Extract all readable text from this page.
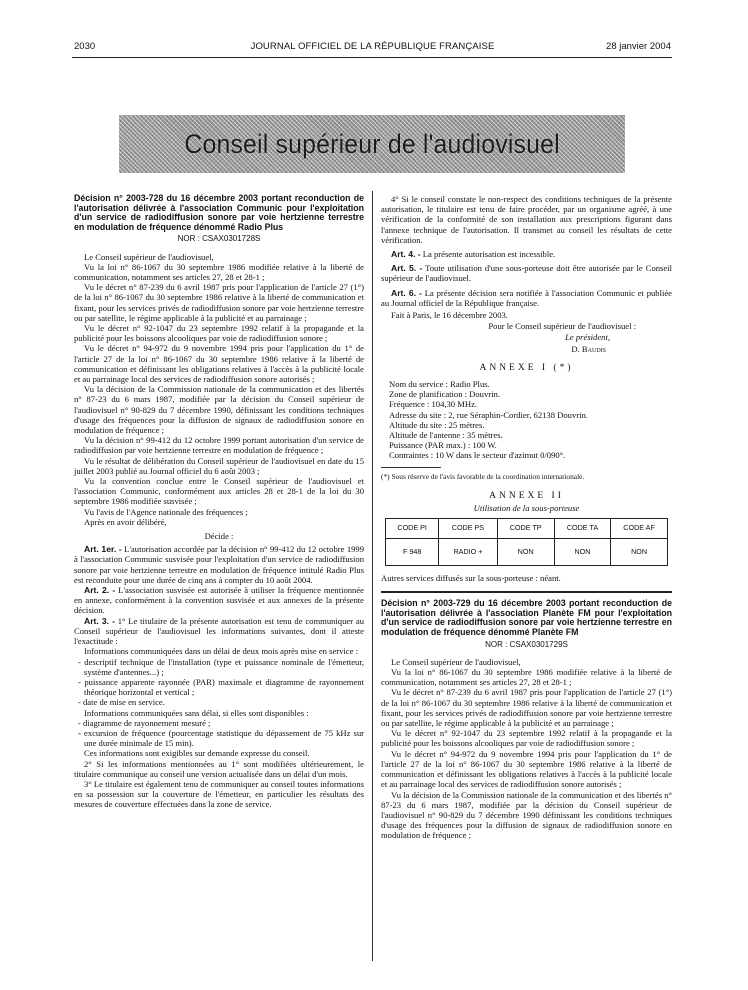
2030	JOURNAL OFFICIEL DE LA RÉPUBLIQUE FRANÇAISE	28 janvier 2004
Conseil supérieur de l'audiovisuel
Décision n° 2003-728 du 16 décembre 2003 portant reconduction de l'autorisation délivrée à l'association Communic pour l'exploitation d'un service de radiodiffusion sonore par voie hertzienne terrestre en modulation de fréquence dénommé Radio Plus
NOR : CSAX0301728S

Le Conseil supérieur de l'audiovisuel,

Vu la loi n° 86-1067 du 30 septembre 1986 modifiée relative à la liberté de communication, notamment ses articles 27, 28 et 28-1 ;

Vu le décret n° 87-239 du 6 avril 1987 pris pour l'application de l'article 27 (1°) de la loi n° 86-1067 du 30 septembre 1986 relative à la liberté de communication et fixant, pour les services privés de radiodiffusion sonore par voie hertzienne terrestre ou par satellite, le régime applicable à la publicité et au parrainage ;

Vu le décret n° 92-1047 du 23 septembre 1992 relatif à la propagande et la publicité pour les boissons alcooliques par voie de radiodiffusion sonore ;

Vu le décret n° 94-972 du 9 novembre 1994 pris pour l'application du 1° de l'article 27 de la loi n° 86-1067 du 30 septembre 1986 relative à la liberté de communication et définissant les obligations relatives à l'accès à la publicité locale et au parrainage local des services de radiodiffusion sonore autorisés ;

Vu la décision de la Commission nationale de la communication et des libertés n° 87-23 du 6 mars 1987, modifiée par la décision du Conseil supérieur de l'audiovisuel n° 90-829 du 7 décembre 1990, définissant les conditions techniques d'usage des fréquences pour la diffusion de signaux de radiodiffusion sonore en modulation de fréquence ;

Vu la décision n° 99-412 du 12 octobre 1999 portant autorisation d'un service de radiodiffusion par voie hertzienne terrestre en modulation de fréquence ;

Vu le résultat de délibération du Conseil supérieur de l'audiovisuel en date du 15 juillet 2003 publié au Journal officiel du 6 août 2003 ;

Vu la convention conclue entre le Conseil supérieur de l'audiovisuel et l'association Communic, conformément aux articles 28 et 28-1 de la loi du 30 septembre 1986 modifiée susvisée ;

Vu l'avis de l'Agence nationale des fréquences ;

Après en avoir délibéré,

Décide :

Art. 1er. - L'autorisation accordée par la décision n° 99-412 du 12 octobre 1999 à l'association Communic susvisée pour l'exploitation d'un service de radiodiffusion sonore par voie hertzienne terrestre en modulation de fréquence intitulé Radio Plus est reconduite pour une durée de cinq ans à compter du 10 août 2004.

Art. 2. - L'association susvisée est autorisée à utiliser la fréquence mentionnée en annexe, conformément à la convention susvisée et aux annexes de la présente décision.

Art. 3. - 1° Le titulaire de la présente autorisation est tenu de communiquer au Conseil supérieur de l'audiovisuel les informations suivantes, dont il atteste l'exactitude :

Informations communiquées dans un délai de deux mois après mise en service :

- descriptif technique de l'installation (type et puissance nominale de l'émetteur, système d'antennes...) ;

- puissance apparente rayonnée (PAR) maximale et diagramme de rayonnement théorique horizontal et vertical ;

- date de mise en service.

Informations communiquées sans délai, si elles sont disponibles :

- diagramme de rayonnement mesuré ;

- excursion de fréquence (pourcentage statistique du dépassement de 75 kHz sur une durée minimale de 15 min).

Ces informations sont exigibles sur demande expresse du conseil.

2° Si les informations mentionnées au 1° sont modifiées ultérieurement, le titulaire communique au conseil une version actualisée dans un délai d'un mois.

3° Le titulaire est également tenu de communiquer au conseil toutes informations en sa possession sur la couverture de l'émetteur, en particulier les résultats des mesures de couverture effectuées dans la zone de service.

4° Si le conseil constate le non-respect des conditions techniques de la présente autorisation, le titulaire est tenu de faire procéder, par un organisme agréé, à une vérification de la conformité de son installation aux prescriptions figurant dans l'annexe technique de l'autorisation. Il transmet au conseil les résultats de cette vérification.

Art. 4. - La présente autorisation est incessible.

Art. 5. - Toute utilisation d'une sous-porteuse doit être autorisée par le Conseil supérieur de l'audiovisuel.

Art. 6. - La présente décision sera notifiée à l'association Communic et publiée au Journal officiel de la République française.

Fait à Paris, le 16 décembre 2003.

Pour le Conseil supérieur de l'audiovisuel :
Le président,
D. Baudis
ANNEXE I (*)

Nom du service : Radio Plus.

Zone de planification : Douvrin.

Fréquence : 104,30 MHz.

Adresse du site : 2, rue Séraphin-Cordier, 62138 Douvrin.

Altitude du site : 25 mètres.

Altitude de l'antenne : 35 mètres.

Puissance (PAR max.) : 100 W.

Contraintes : 10 W dans le secteur d'azimut 0/090°.

(*) Sous réserve de l'avis favorable de la coordination internationale.

ANNEXE II
Utilisation de la sous-porteuse
CODE PI	CODE PS	CODE TP	CODE TA	CODE AF
F 948	RADIO +	NON	NON	NON

Autres services diffusés sur la sous-porteuse : néant.

Décision n° 2003-729 du 16 décembre 2003 portant reconduction de l'autorisation délivrée à l'association Planète FM pour l'exploitation d'un service de radiodiffusion sonore par voie hertzienne terrestre en modulation de fréquence dénommé Planète FM
NOR : CSAX0301729S

Le Conseil supérieur de l'audiovisuel,

Vu la loi n° 86-1067 du 30 septembre 1986 modifiée relative à la liberté de communication, notamment ses articles 27, 28 et 28-1 ;

Vu le décret n° 87-239 du 6 avril 1987 pris pour l'application de l'article 27 (1°) de la loi n° 86-1067 du 30 septembre 1986 relative à la liberté de communication et fixant, pour les services privés de radiodiffusion sonore par voie hertzienne terrestre ou par satellite, le régime applicable à la publicité et au parrainage ;

Vu le décret n° 92-1047 du 23 septembre 1992 relatif à la propagande et la publicité pour les boissons alcooliques par voie de radiodiffusion sonore ;

Vu le décret n° 94-972 du 9 novembre 1994 pris pour l'application du 1° de l'article 27 de la loi n° 86-1067 du 30 septembre 1986 relative à la liberté de communication et définissant les obligations relatives à l'accès à la publicité locale et au parrainage local des services de radiodiffusion sonore autorisés ;

Vu la décision de la Commission nationale de la communication et des libertés n° 87-23 du 6 mars 1987, modifiée par la décision du Conseil supérieur de l'audiovisuel n° 90-829 du 7 décembre 1990 définissant les conditions techniques d'usage des fréquences pour la diffusion de signaux de radiodiffusion sonore en modulation de fréquence ;
